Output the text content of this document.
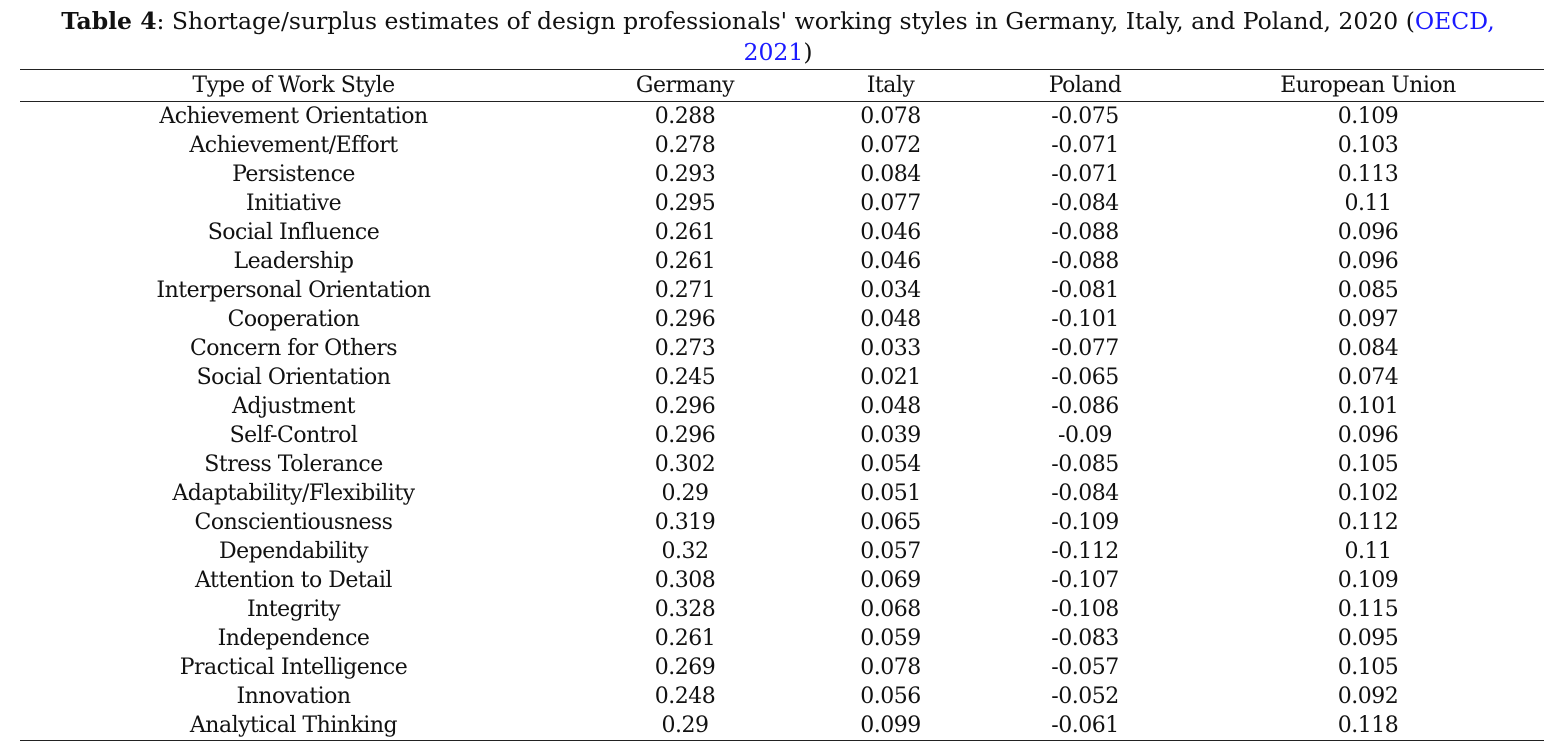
Table 4: Shortage/surplus estimates of design professionals' working styles in Germany, Italy, and Poland, 2020 (OECD,
2021)
Type of Work Style	Germany	Italy	Poland	European Union
Achievement Orientation	0.288	0.078	-0.075	0.109
Achievement/Effort	0.278	0.072	-0.071	0.103
Persistence	0.293	0.084	-0.071	0.113
Initiative	0.295	0.077	-0.084	0.11
Social Influence	0.261	0.046	-0.088	0.096
Leadership	0.261	0.046	-0.088	0.096
Interpersonal Orientation	0.271	0.034	-0.081	0.085
Cooperation	0.296	0.048	-0.101	0.097
Concern for Others	0.273	0.033	-0.077	0.084
Social Orientation	0.245	0.021	-0.065	0.074
Adjustment	0.296	0.048	-0.086	0.101
Self-Control	0.296	0.039	-0.09	0.096
Stress Tolerance	0.302	0.054	-0.085	0.105
Adaptability/Flexibility	0.29	0.051	-0.084	0.102
Conscientiousness	0.319	0.065	-0.109	0.112
Dependability	0.32	0.057	-0.112	0.11
Attention to Detail	0.308	0.069	-0.107	0.109
Integrity	0.328	0.068	-0.108	0.115
Independence	0.261	0.059	-0.083	0.095
Practical Intelligence	0.269	0.078	-0.057	0.105
Innovation	0.248	0.056	-0.052	0.092
Analytical Thinking	0.29	0.099	-0.061	0.118
